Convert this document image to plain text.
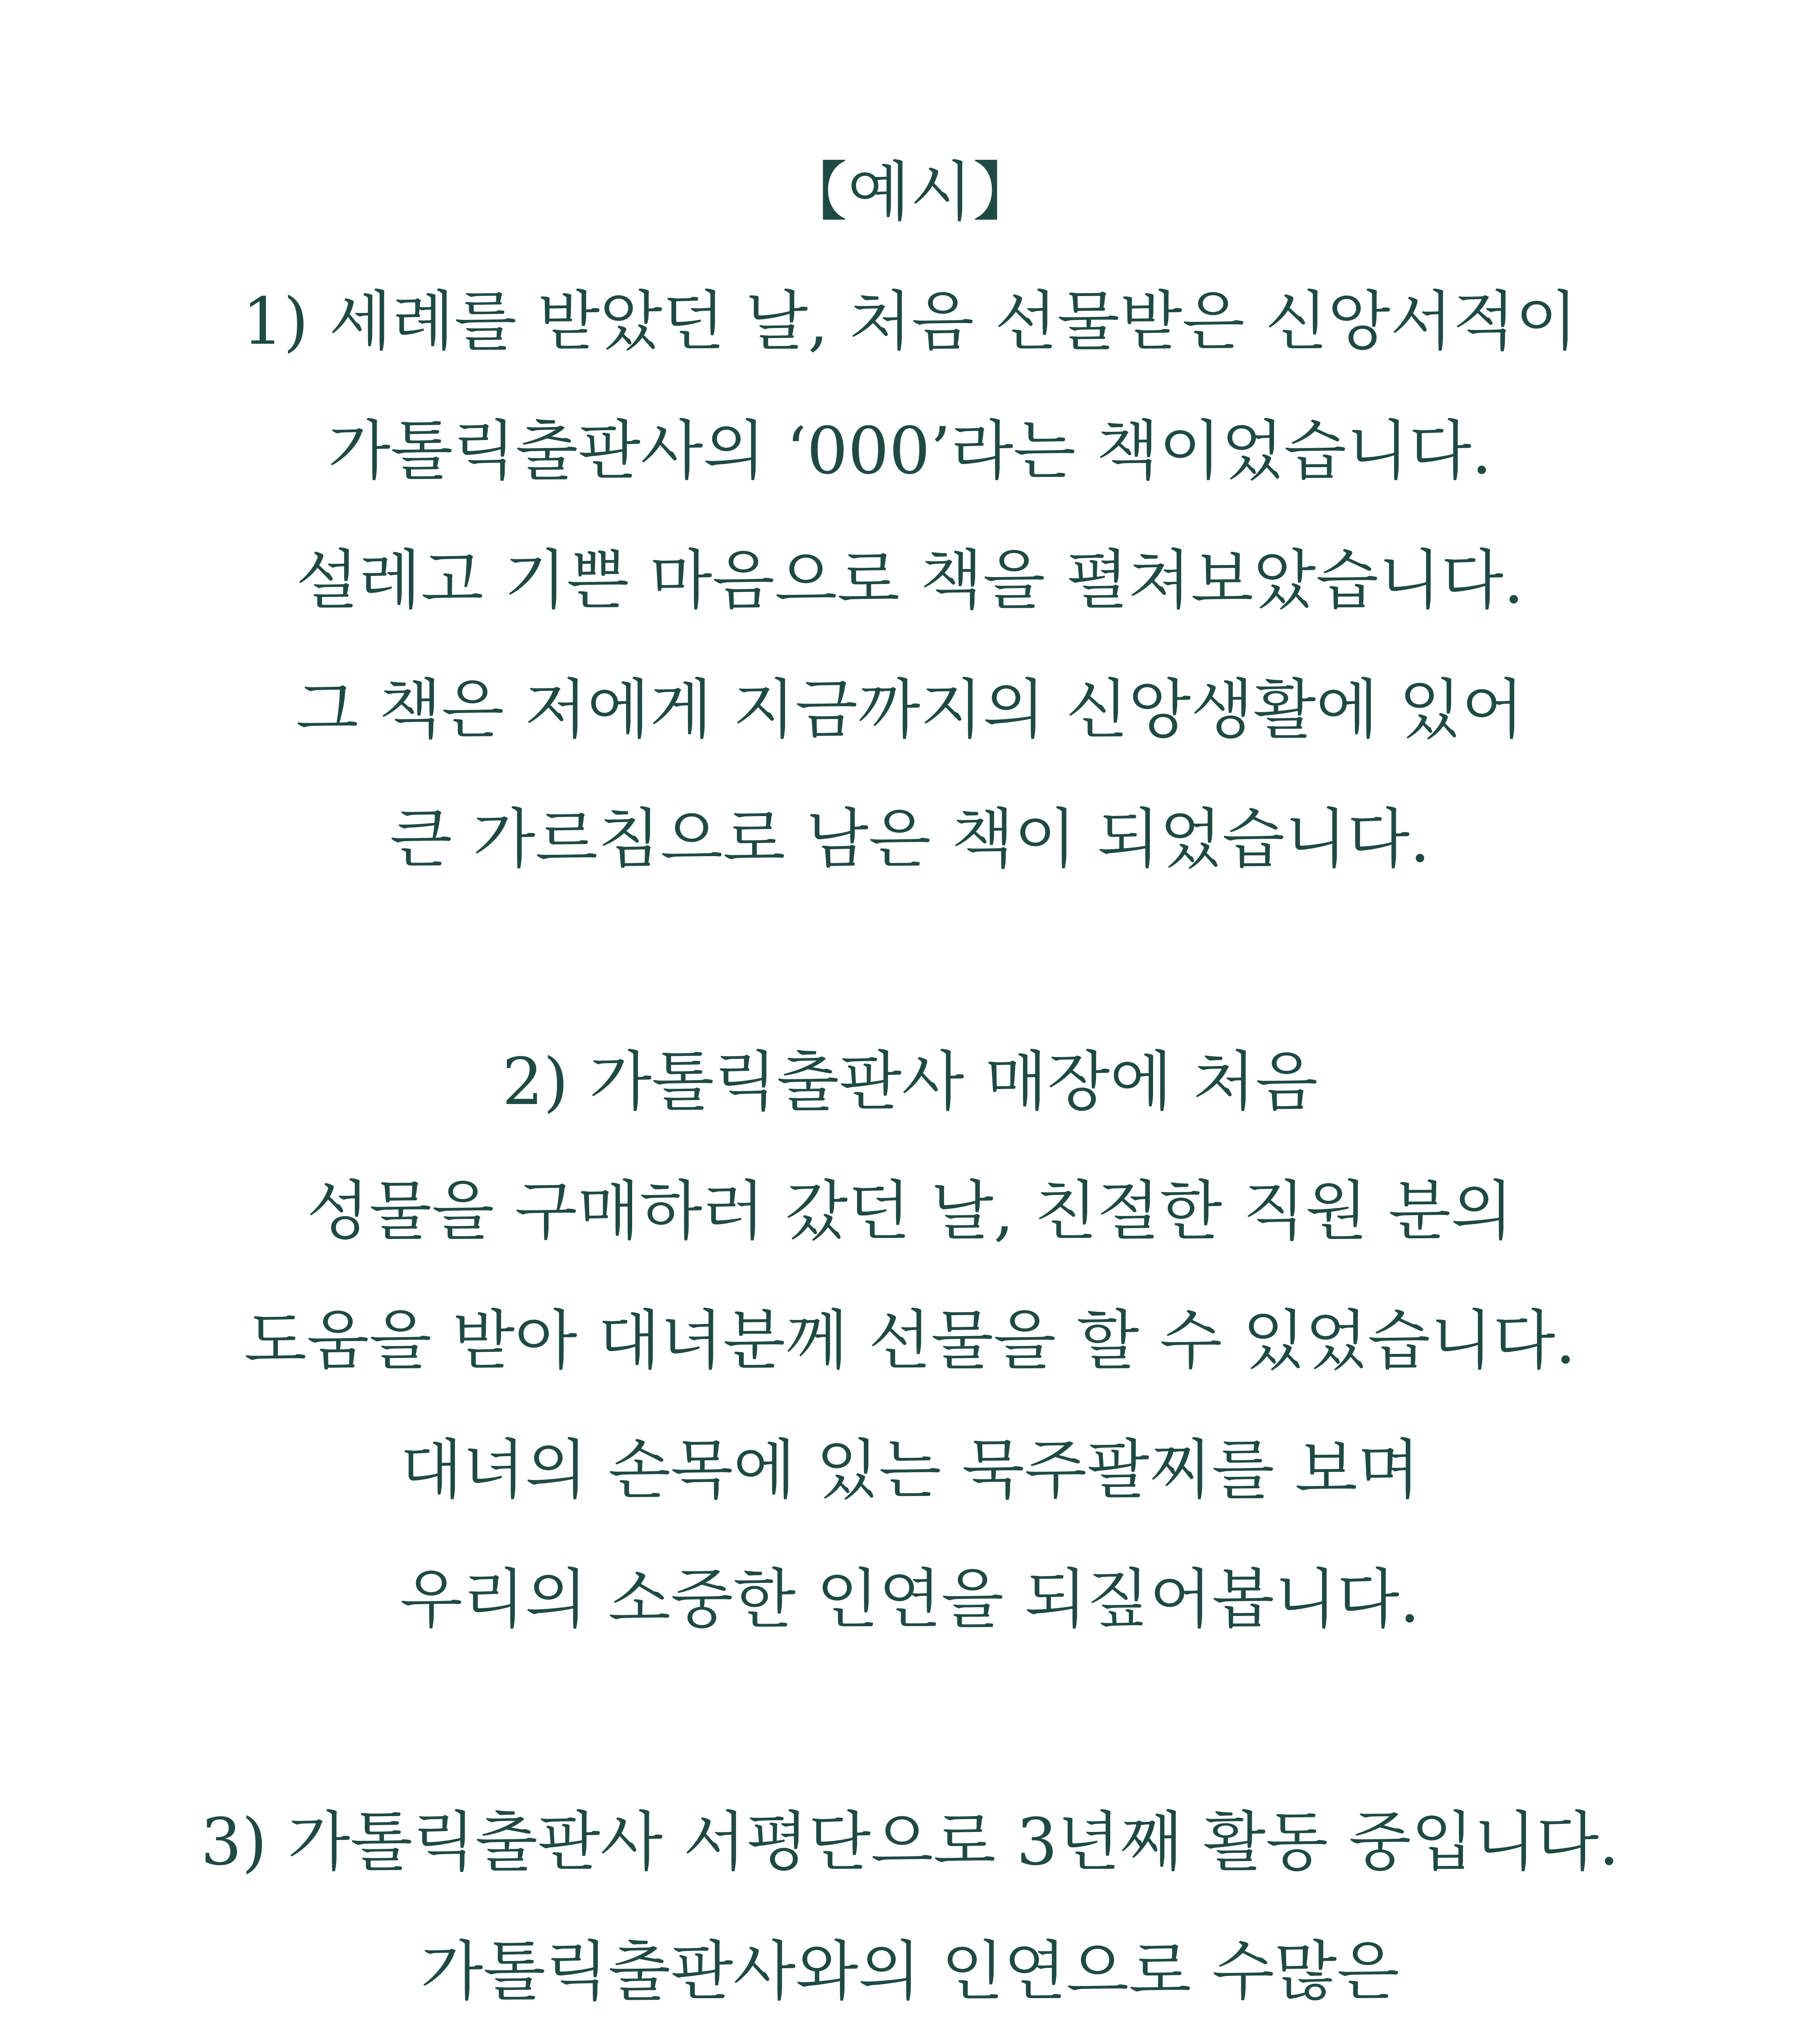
【예시】
1) 세례를 받았던 날, 처음 선물받은 신앙서적이
가톨릭출판사의 ‘000’라는 책이었습니다.
설레고 기쁜 마음으로 책을 펼쳐보았습니다.
그 책은 저에게 지금까지의 신앙생활에 있어
큰 가르침으로 남은 책이 되었습니다.
2) 가톨릭출판사 매장에 처음
성물을 구매하러 갔던 날, 친절한 직원 분의
도움을 받아 대녀분께 선물을 할 수 있었습니다.
대녀의 손목에 있는 묵주팔찌를 보며
우리의 소중한 인연을 되짚어봅니다.
3) 가톨릭출판사 서평단으로 3년째 활동 중입니다.
가톨릭출판사와의 인연으로 수많은
